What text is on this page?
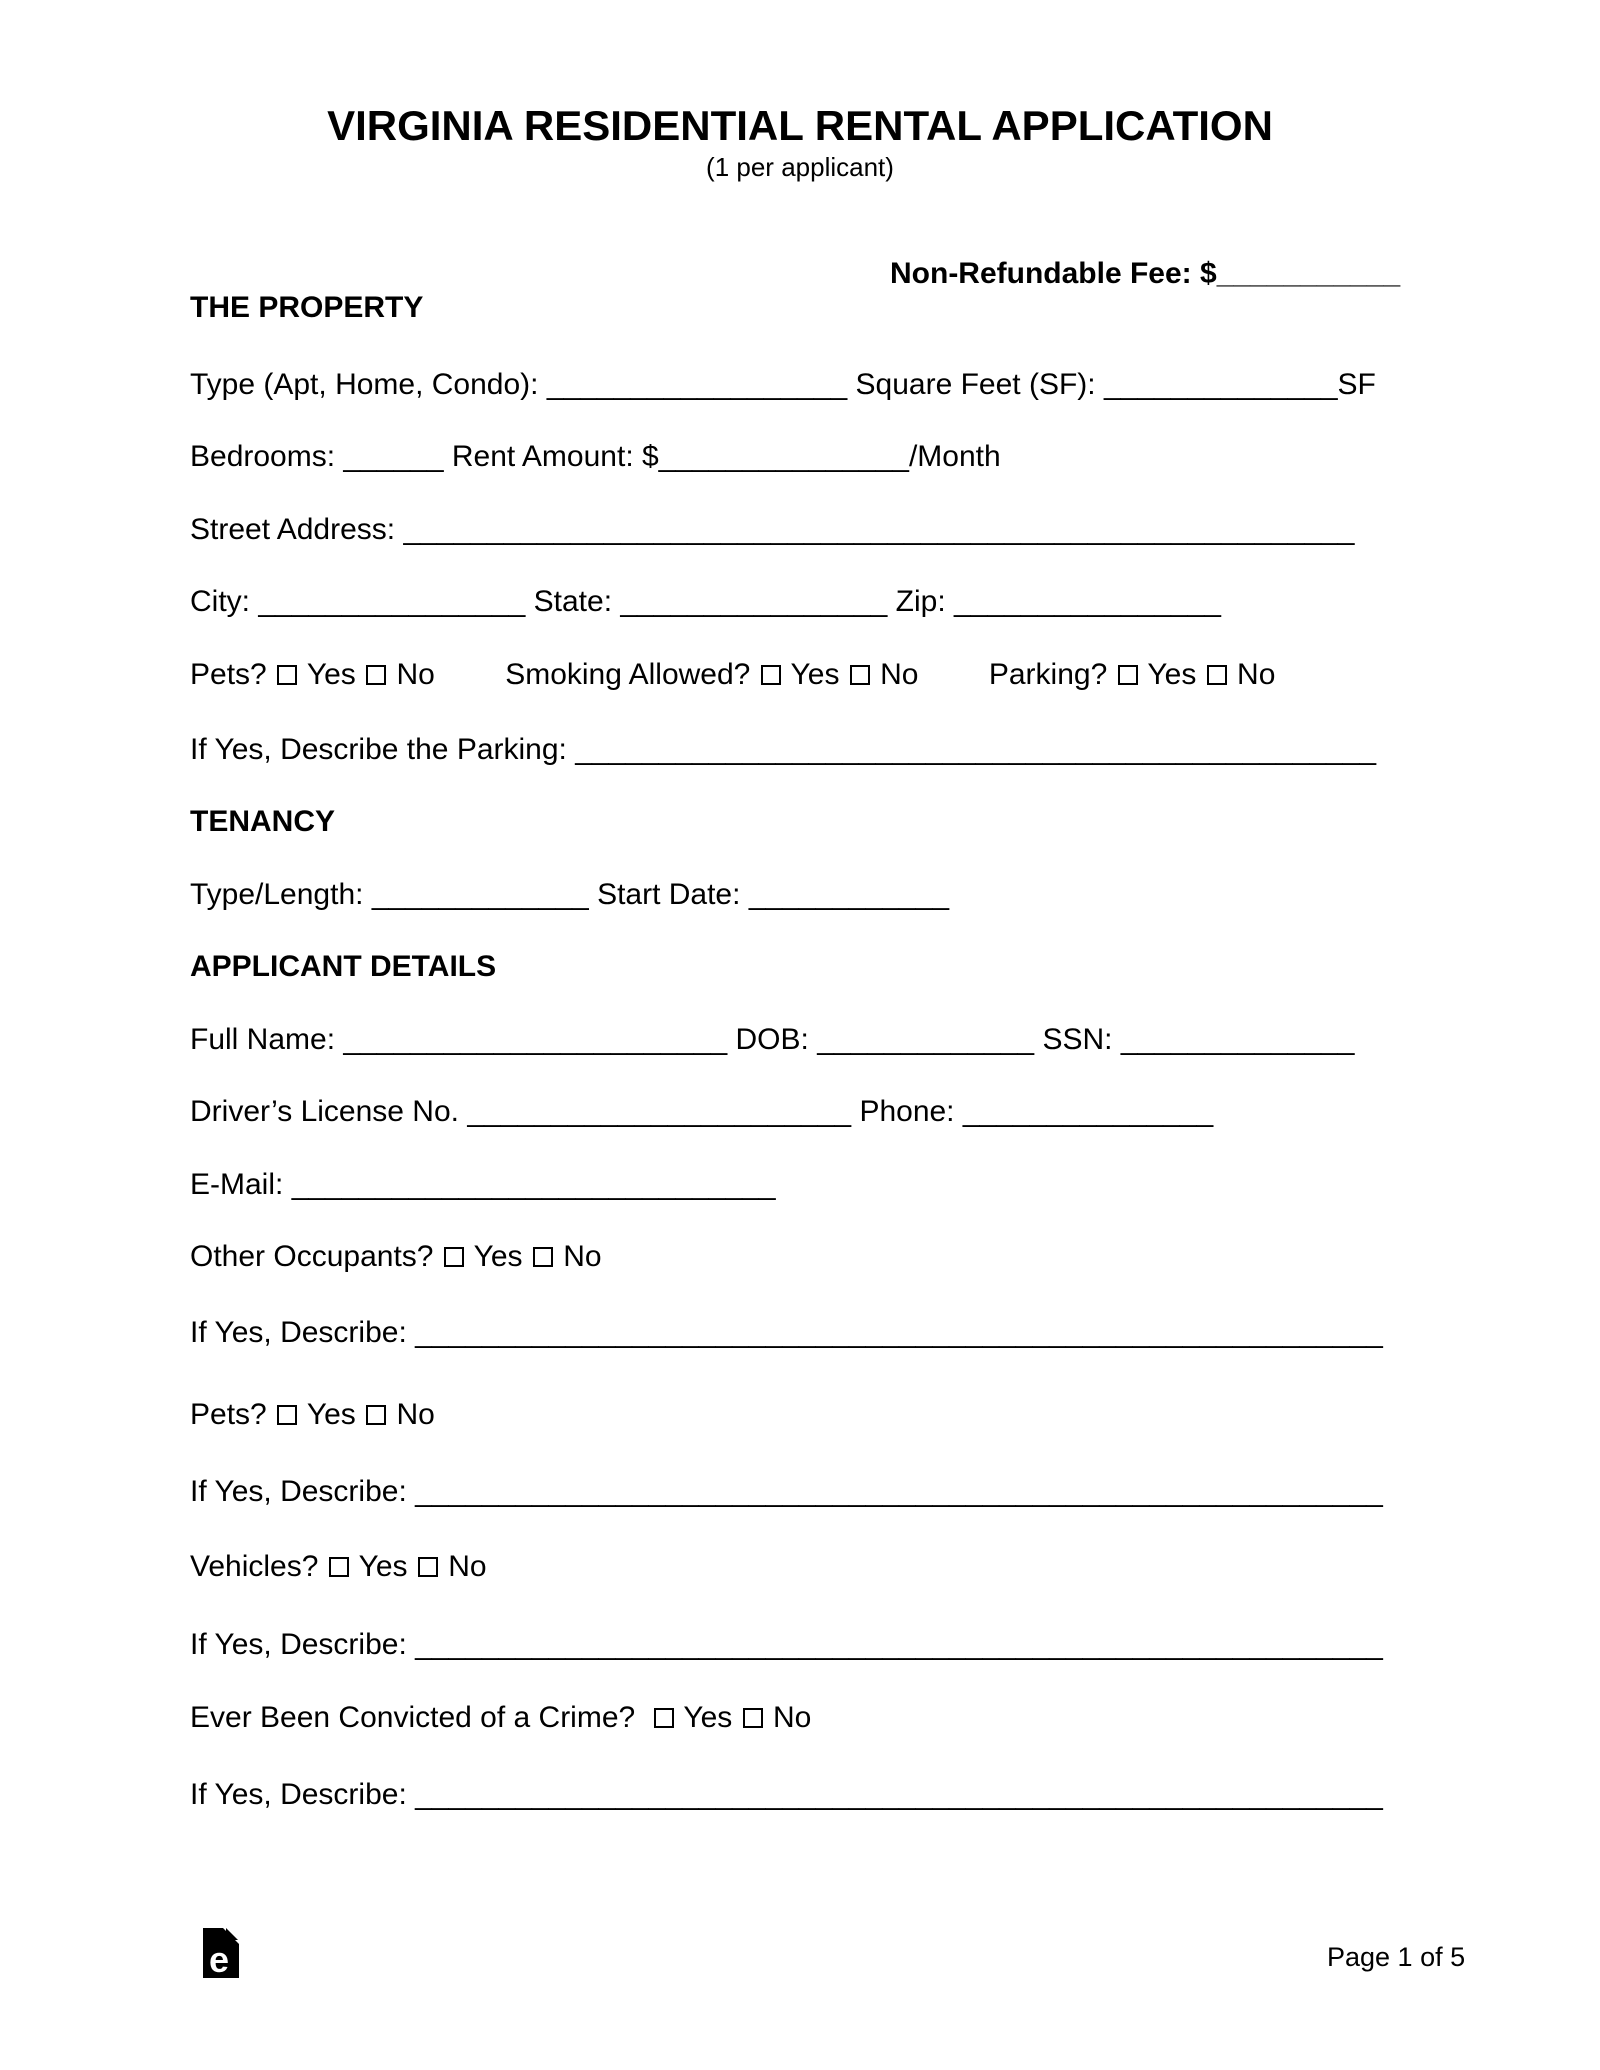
VIRGINIA RESIDENTIAL RENTAL APPLICATION
(1 per applicant)
Non-Refundable Fee: $___________
THE PROPERTY
Type (Apt, Home, Condo): __________________ Square Feet (SF): ______________SF
Bedrooms: ______ Rent Amount: $_______________/Month
Street Address: _________________________________________________________
City: ________________ State: ________________ Zip: ________________
Pets? Yes No Smoking Allowed? Yes No Parking? Yes No
If Yes, Describe the Parking: ________________________________________________
TENANCY
Type/Length: _____________ Start Date: ____________
APPLICANT DETAILS
Full Name: _______________________ DOB: _____________ SSN: ______________
Driver’s License No. _______________________ Phone: _______________
E-Mail: _____________________________
Other Occupants? Yes No
If Yes, Describe: __________________________________________________________
Pets? Yes No
If Yes, Describe: __________________________________________________________
Vehicles? Yes No
If Yes, Describe: __________________________________________________________
Ever Been Convicted of a Crime? Yes No
If Yes, Describe: __________________________________________________________
e	Page 1 of 5
